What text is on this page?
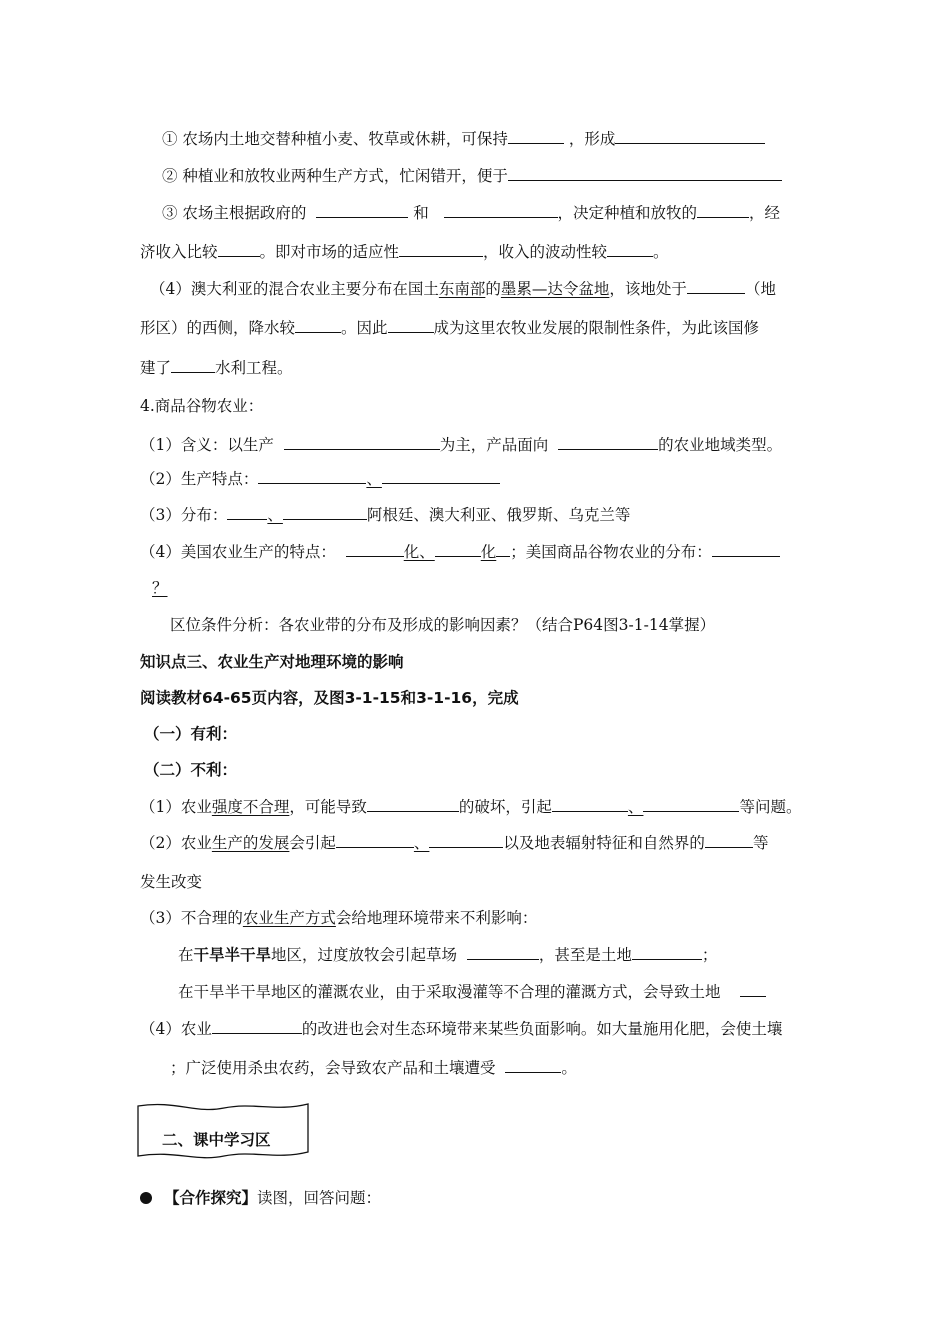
① 农场内土地交替种植小麦、牧草或休耕，可保持	，形成
② 种植业和放牧业两种生产方式，忙闲错开，便于
③ 农场主根据政府的	和	，决定种植和放牧的	，经
济收入比较	。即对市场的适应性	，收入的波动性较	。
（4）澳大利亚的混合农业主要分布在国土东南部的墨累—达令盆地，该地处于	（地
形区）的西侧，降水较	。因此	成为这里农牧业发展的限制性条件，为此该国修
建了	水利工程。
4.商品谷物农业：
（1）含义：以生产	为主，产品面向	的农业地域类型。
（2）生产特点：	、
（3）分布：	、	阿根廷、澳大利亚、俄罗斯、乌克兰等
（4）美国农业生产的特点：	化、	化 ；美国商品谷物农业的分布：
？
区位条件分析：各农业带的分布及形成的影响因素？（结合P64图3-1-14掌握）
知识点三、农业生产对地理环境的影响
阅读教材64-65页内容，及图3-1-15和3-1-16，完成
（一）有利：
（二）不利：
（1）农业强度不合理，可能导致	的破坏，引起	、	等问题。
（2）农业生产的发展会引起	、	以及地表辐射特征和自然界的	等
发生改变
（3）不合理的农业生产方式会给地理环境带来不利影响：
在干旱半干旱地区，过度放牧会引起草场	，甚至是土地	；
在干旱半干旱地区的灌溉农业，由于采取漫灌等不合理的灌溉方式，会导致土地
（4）农业	的改进也会对生态环境带来某些负面影响。如大量施用化肥，会使土壤
；广泛使用杀虫农药，会导致农产品和土壤遭受	。
二、课中学习区
【合作探究】读图，回答问题：
